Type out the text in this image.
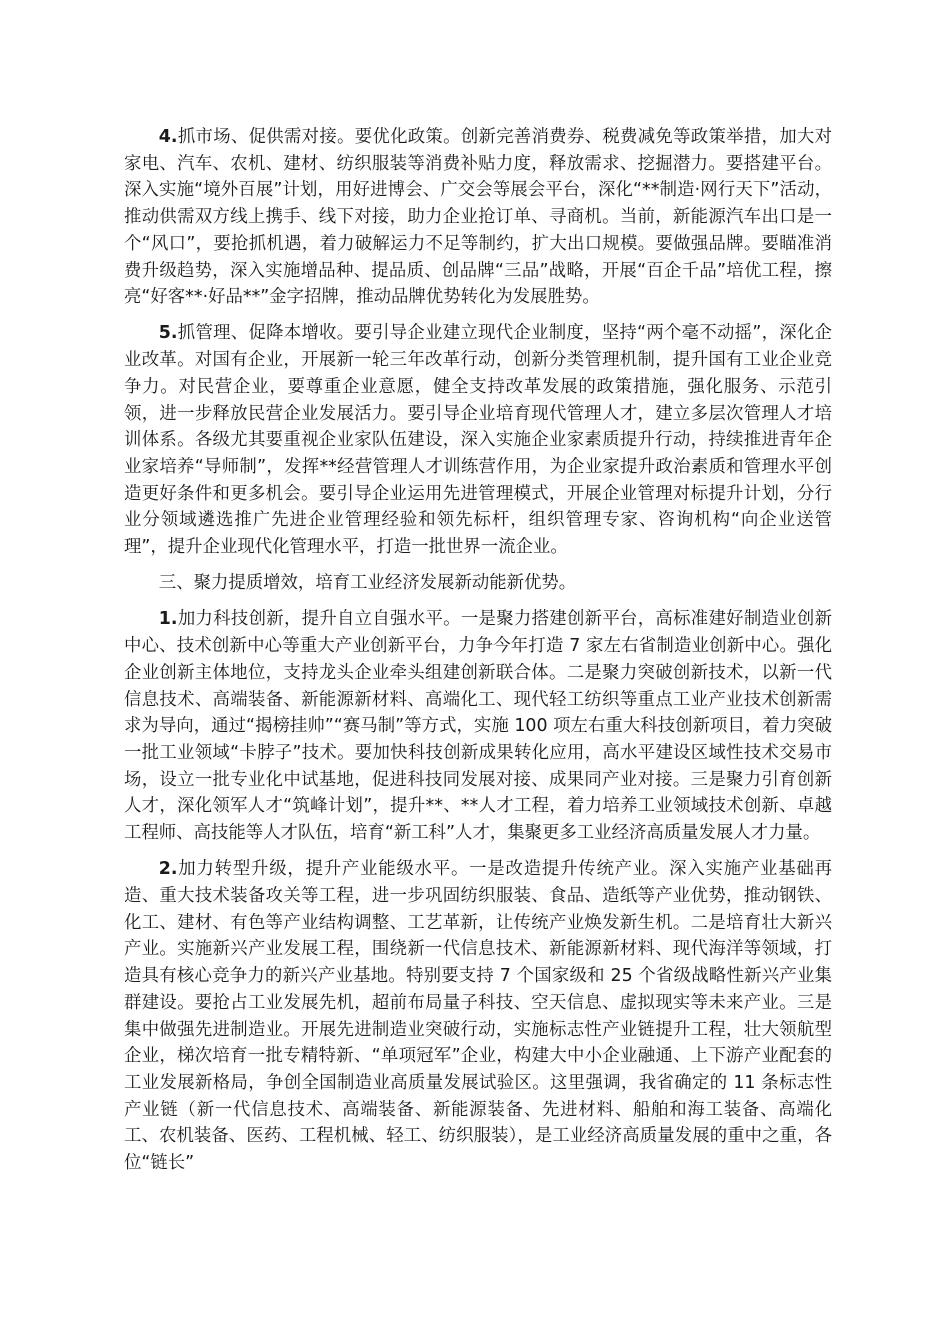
4.抓市场、促供需对接。要优化政策。创新完善消费券、税费减免等政策举措，加大对家电、汽车、农机、建材、纺织服装等消费补贴力度，释放需求、挖掘潜力。要搭建平台。深入实施“境外百展”计划，用好进博会、广交会等展会平台，深化“**制造·网行天下”活动，推动供需双方线上携手、线下对接，助力企业抢订单、寻商机。当前，新能源汽车出口是一个“风口”，要抢抓机遇，着力破解运力不足等制约，扩大出口规模。要做强品牌。要瞄准消费升级趋势，深入实施增品种、提品质、创品牌“三品”战略，开展“百企千品”培优工程，擦亮“好客**·好品**”金字招牌，推动品牌优势转化为发展胜势。

5.抓管理、促降本增收。要引导企业建立现代企业制度，坚持“两个毫不动摇”，深化企业改革。对国有企业，开展新一轮三年改革行动，创新分类管理机制，提升国有工业企业竞争力。对民营企业，要尊重企业意愿，健全支持改革发展的政策措施，强化服务、示范引领，进一步释放民营企业发展活力。要引导企业培育现代管理人才，建立多层次管理人才培训体系。各级尤其要重视企业家队伍建设，深入实施企业家素质提升行动，持续推进青年企业家培养“导师制”，发挥**经营管理人才训练营作用，为企业家提升政治素质和管理水平创造更好条件和更多机会。要引导企业运用先进管理模式，开展企业管理对标提升计划，分行业分领域遴选推广先进企业管理经验和领先标杆，组织管理专家、咨询机构“向企业送管理”，提升企业现代化管理水平，打造一批世界一流企业。

三、聚力提质增效，培育工业经济发展新动能新优势。

1.加力科技创新，提升自立自强水平。一是聚力搭建创新平台，高标准建好制造业创新中心、技术创新中心等重大产业创新平台，力争今年打造 7 家左右省制造业创新中心。强化企业创新主体地位，支持龙头企业牵头组建创新联合体。二是聚力突破创新技术，以新一代信息技术、高端装备、新能源新材料、高端化工、现代轻工纺织等重点工业产业技术创新需求为导向，通过“揭榜挂帅”“赛马制”等方式，实施 100 项左右重大科技创新项目，着力突破一批工业领域“卡脖子”技术。要加快科技创新成果转化应用，高水平建设区域性技术交易市场，设立一批专业化中试基地，促进科技同发展对接、成果同产业对接。三是聚力引育创新人才，深化领军人才“筑峰计划”，提升**、**人才工程，着力培养工业领域技术创新、卓越工程师、高技能等人才队伍，培育“新工科”人才，集聚更多工业经济高质量发展人才力量。

2.加力转型升级，提升产业能级水平。一是改造提升传统产业。深入实施产业基础再造、重大技术装备攻关等工程，进一步巩固纺织服装、食品、造纸等产业优势，推动钢铁、化工、建材、有色等产业结构调整、工艺革新，让传统产业焕发新生机。二是培育壮大新兴产业。实施新兴产业发展工程，围绕新一代信息技术、新能源新材料、现代海洋等领域，打造具有核心竞争力的新兴产业基地。特别要支持 7 个国家级和 25 个省级战略性新兴产业集群建设。要抢占工业发展先机，超前布局量子科技、空天信息、虚拟现实等未来产业。三是集中做强先进制造业。开展先进制造业突破行动，实施标志性产业链提升工程，壮大领航型企业，梯次培育一批专精特新、“单项冠军”企业，构建大中小企业融通、上下游产业配套的工业发展新格局，争创全国制造业高质量发展试验区。这里强调，我省确定的 11 条标志性产业链（新一代信息技术、高端装备、新能源装备、先进材料、船舶和海工装备、高端化工、农机装备、医药、工程机械、轻工、纺织服装），是工业经济高质量发展的重中之重，各位“链长”
